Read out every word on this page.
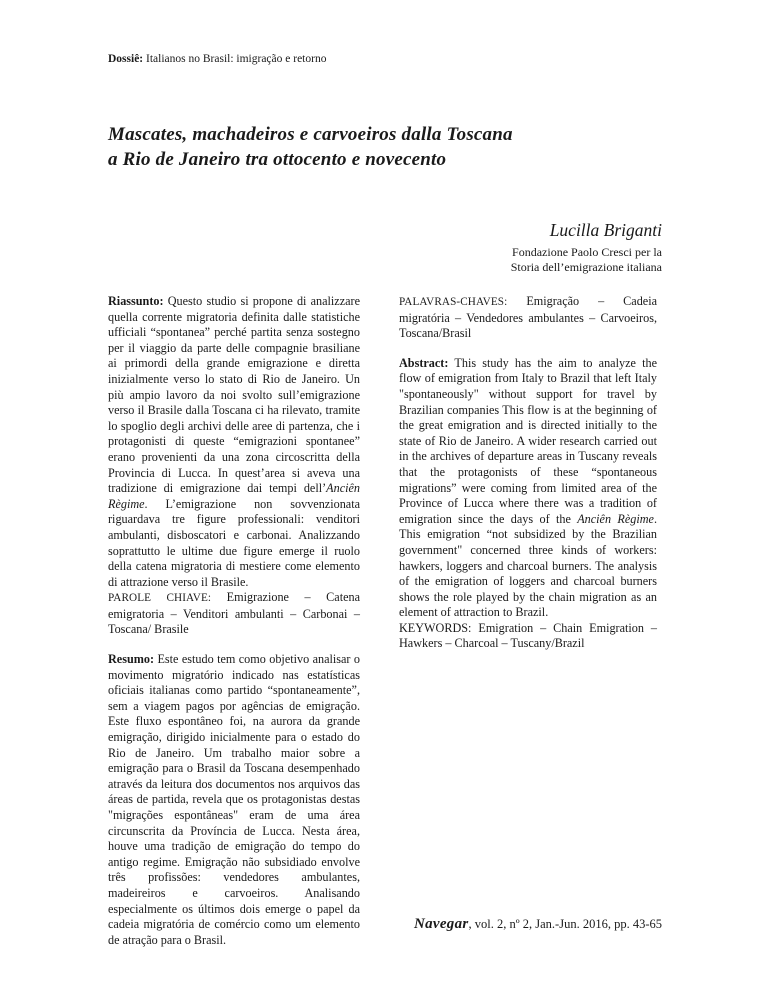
Dossiê: Italianos no Brasil: imigração e retorno
Mascates, machadeiros e carvoeiros dalla Toscana
a Rio de Janeiro tra ottocento e novecento
Lucilla Briganti
Fondazione Paolo Cresci per la
Storia dell’emigrazione italiana

Riassunto: Questo studio si propone di analizzare quella corrente migratoria definita dalle statistiche ufficiali “spontanea” perché partita senza sostegno per il viaggio da parte delle compagnie brasiliane ai primordi della grande emigrazione e diretta inizialmente verso lo stato di Rio de Janeiro. Un più ampio lavoro da noi svolto sull’emigrazione verso il Brasile dalla Toscana ci ha rilevato, tramite lo spoglio degli archivi delle aree di partenza, che i protagonisti di queste “emigrazioni spontanee” erano provenienti da una zona circoscritta della Provincia di Lucca. In quest’area si aveva una tradizione di emigrazione dai tempi dell’Anciên Règime. L’emigrazione non sovvenzionata riguardava tre figure professionali: venditori ambulanti, disboscatori e carbonai. Analizzando soprattutto le ultime due figure emerge il ruolo della catena migratoria di mestiere come elemento di attrazione verso il Brasile.

PAROLE CHIAVE: Emigrazione – Catena emigratoria – Venditori ambulanti – Carbonai – Toscana/ Brasile

Resumo: Este estudo tem como objetivo analisar o movimento migratório indicado nas estatísticas oficiais italianas como partido “spontaneamente”, sem a viagem pagos por agências de emigração. Este fluxo espontâneo foi, na aurora da grande emigração, dirigido inicialmente para o estado do Rio de Janeiro. Um trabalho maior sobre a emigração para o Brasil da Toscana desempenhado através da leitura dos documentos nos arquivos das áreas de partida, revela que os protagonistas destas "migrações espontâneas" eram de uma área circunscrita da Província de Lucca. Nesta área, houve uma tradição de emigração do tempo do antigo regime. Emigração não subsidiado envolve três profissões: vendedores ambulantes, madeireiros e carvoeiros. Analisando especialmente os últimos dois emerge o papel da cadeia migratória de comércio como um elemento de atração para o Brasil.

PALAVRAS-CHAVES: Emigração – Cadeia migratória – Vendedores ambulantes – Carvoeiros, Toscana/Brasil

Abstract: This study has the aim to analyze the flow of emigration from Italy to Brazil that left Italy "spontaneously" without support for travel by Brazilian companies This flow is at the beginning of the great emigration and is directed initially to the state of Rio de Janeiro. A wider research carried out in the archives of departure areas in Tuscany reveals that the protagonists of these “spontaneous migrations” were coming from limited area of the Province of Lucca where there was a tradition of emigration since the days of the Anciên Règime. This emigration “not subsidized by the Brazilian government" concerned three kinds of workers: hawkers, loggers and charcoal burners. The analysis of the emigration of loggers and charcoal burners shows the role played by the chain migration as an element of attraction to Brazil.

KEYWORDS: Emigration – Chain Emigration – Hawkers – Charcoal – Tuscany/Brazil

Navegar, vol. 2, nº 2, Jan.-Jun. 2016, pp. 43-65
